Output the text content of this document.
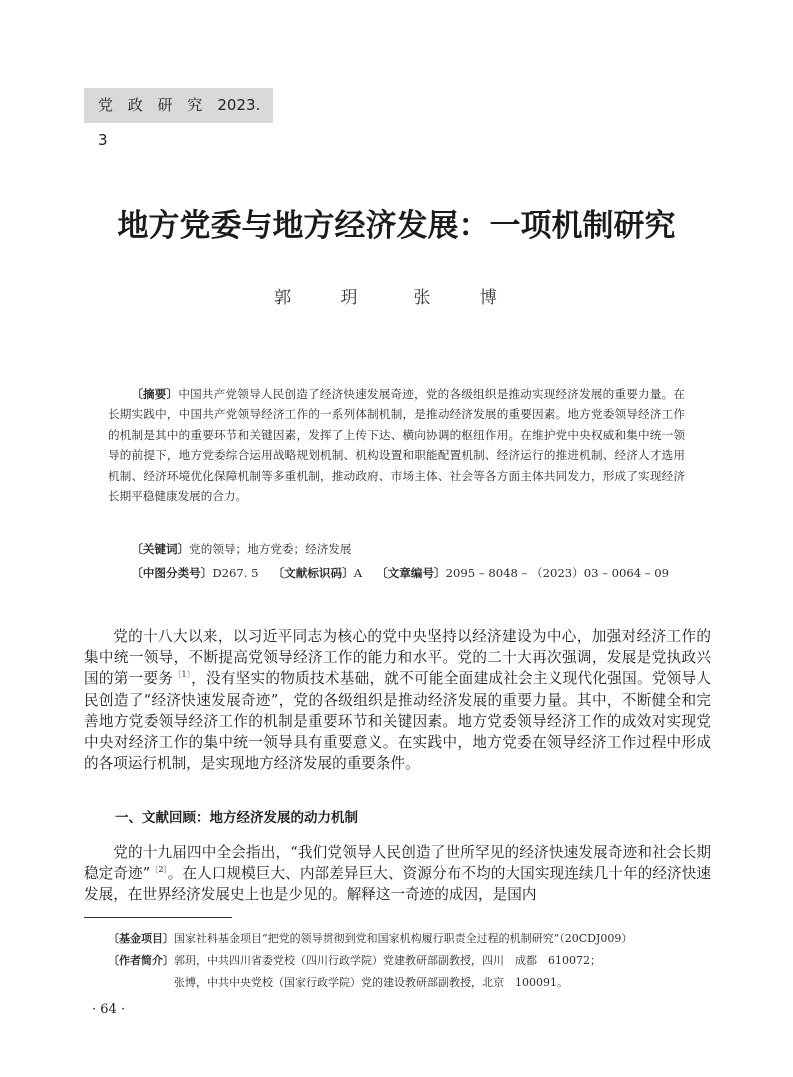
党 政 研 究 2023. 3
地方党委与地方经济发展：一项机制研究
郭 玥 张 博
〔摘要〕中国共产党领导人民创造了经济快速发展奇迹，党的各级组织是推动实现经济发展的重要力量。在长期实践中，中国共产党领导经济工作的一系列体制机制，是推动经济发展的重要因素。地方党委领导经济工作的机制是其中的重要环节和关键因素，发挥了上传下达、横向协调的枢纽作用。在维护党中央权威和集中统一领导的前提下，地方党委综合运用战略规划机制、机构设置和职能配置机制、经济运行的推进机制、经济人才选用机制、经济环境优化保障机制等多重机制，推动政府、市场主体、社会等各方面主体共同发力，形成了实现经济长期平稳健康发展的合力。
〔关键词〕党的领导；地方党委；经济发展
〔中图分类号〕D267. 5 〔文献标识码〕A 〔文章编号〕2095 – 8048 – （2023）03 – 0064 – 09

党的十八大以来，以习近平同志为核心的党中央坚持以经济建设为中心，加强对经济工作的集中统一领导，不断提高党领导经济工作的能力和水平。党的二十大再次强调，发展是党执政兴国的第一要务$^{〔1〕}$，没有坚实的物质技术基础，就不可能全面建成社会主义现代化强国。党领导人民创造了“经济快速发展奇迹”，党的各级组织是推动经济发展的重要力量。其中，不断健全和完善地方党委领导经济工作的机制是重要环节和关键因素。地方党委领导经济工作的成效对实现党中央对经济工作的集中统一领导具有重要意义。在实践中，地方党委在领导经济工作过程中形成的各项运行机制，是实现地方经济发展的重要条件。

一、文献回顾：地方经济发展的动力机制

党的十九届四中全会指出，“我们党领导人民创造了世所罕见的经济快速发展奇迹和社会长期稳定奇迹”$^{〔2〕}$。在人口规模巨大、内部差异巨大、资源分布不均的大国实现连续几十年的经济快速发展，在世界经济发展史上也是少见的。解释这一奇迹的成因，是国内

〔基金项目〕国家社科基金项目“把党的领导贯彻到党和国家机构履行职责全过程的机制研究”（20CDJ009）
〔作者简介〕郭玥，中共四川省委党校（四川行政学院）党建教研部副教授，四川　成都　610072；
张博，中共中央党校（国家行政学院）党的建设教研部副教授，北京　100091。
· 64 ·
